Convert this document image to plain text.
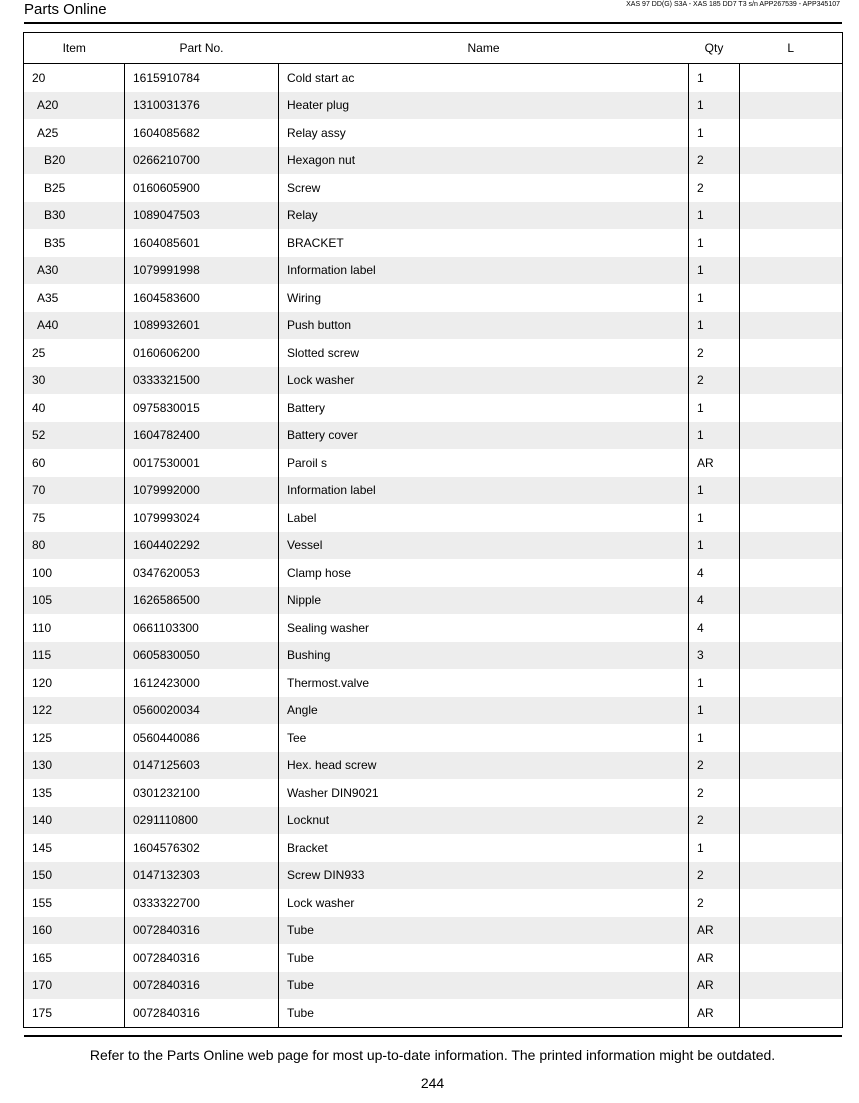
Parts Online	XAS 97 DD(G) S3A - XAS 185 DD7 T3 s/n APP267539 - APP345107
Item	Part No.	Name	Qty	L
20	1615910784	Cold start ac	1	
A20	1310031376	Heater plug	1	
A25	1604085682	Relay assy	1	
B20	0266210700	Hexagon nut	2	
B25	0160605900	Screw	2	
B30	1089047503	Relay	1	
B35	1604085601	BRACKET	1	
A30	1079991998	Information label	1	
A35	1604583600	Wiring	1	
A40	1089932601	Push button	1	
25	0160606200	Slotted screw	2	
30	0333321500	Lock washer	2	
40	0975830015	Battery	1	
52	1604782400	Battery cover	1	
60	0017530001	Paroil s	AR	
70	1079992000	Information label	1	
75	1079993024	Label	1	
80	1604402292	Vessel	1	
100	0347620053	Clamp hose	4	
105	1626586500	Nipple	4	
110	0661103300	Sealing washer	4	
115	0605830050	Bushing	3	
120	1612423000	Thermost.valve	1	
122	0560020034	Angle	1	
125	0560440086	Tee	1	
130	0147125603	Hex. head screw	2	
135	0301232100	Washer DIN9021	2	
140	0291110800	Locknut	2	
145	1604576302	Bracket	1	
150	0147132303	Screw DIN933	2	
155	0333322700	Lock washer	2	
160	0072840316	Tube	AR	
165	0072840316	Tube	AR	
170	0072840316	Tube	AR	
175	0072840316	Tube	AR	
Refer to the Parts Online web page for most up-to-date information. The printed information might be outdated.
244
